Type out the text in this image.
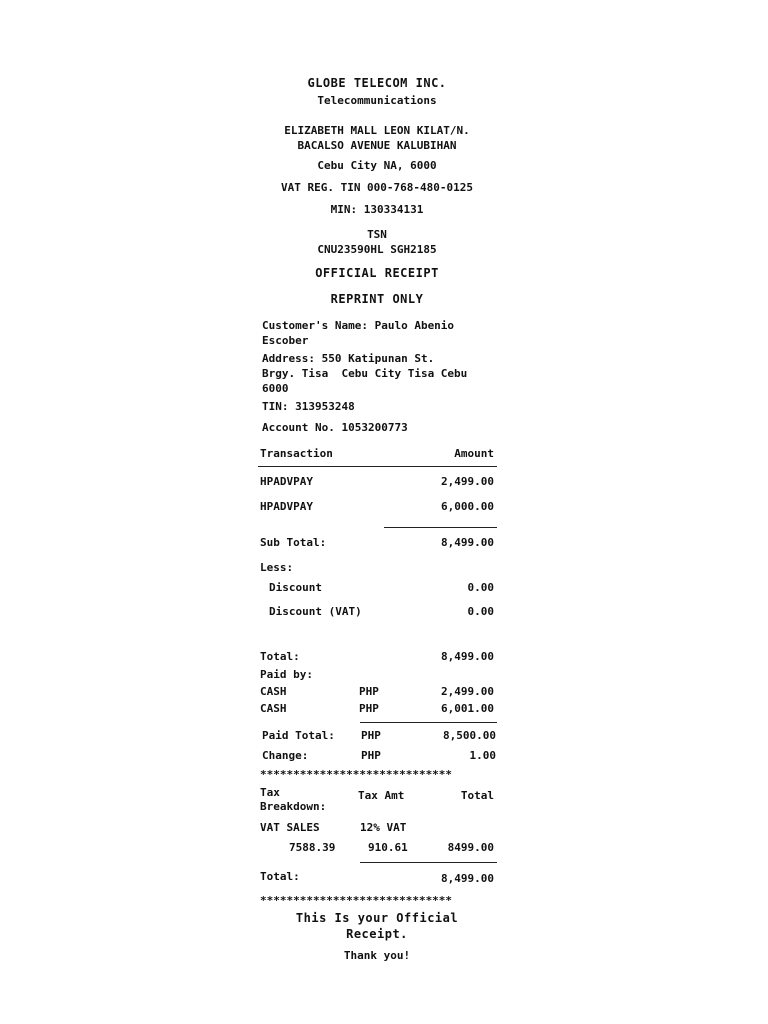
GLOBE TELECOM INC.
Telecommunications
ELIZABETH MALL LEON KILAT/N.
BACALSO AVENUE KALUBIHAN
Cebu City NA, 6000
VAT REG. TIN 000-768-480-0125
MIN: 130334131
TSN
CNU23590HL SGH2185
OFFICIAL RECEIPT
REPRINT ONLY
Customer's Name: Paulo Abenio
Escober
Address: 550 Katipunan St.
Brgy. Tisa  Cebu City Tisa Cebu
6000
TIN: 313953248
Account No. 1053200773
Transaction	Amount
HPADVPAY	2,499.00
HPADVPAY	6,000.00
Sub Total:	8,499.00
Less:
Discount	0.00
Discount (VAT)	0.00
Total:	8,499.00
Paid by:
CASH	PHP	2,499.00
CASH	PHP	6,001.00
Paid Total: PHP	8,500.00
Change:	PHP	1.00
*****************************
Tax
Breakdown:
Tax Amt	Total
VAT SALES	12% VAT
7588.39	910.61	8499.00
Total:	8,499.00
*****************************
This Is your Official
Receipt.
Thank you!
